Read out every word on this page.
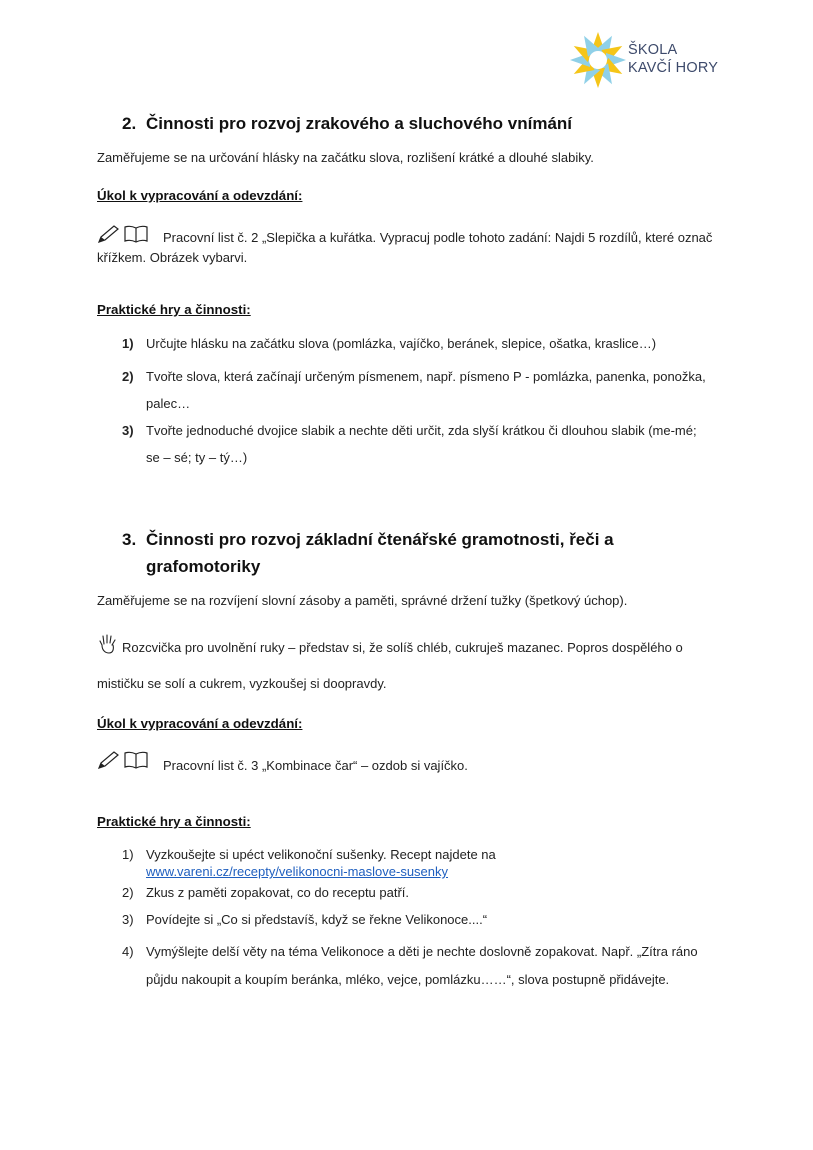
ŠKOLA
KAVČÍ HORY
2. Činnosti pro rozvoj zrakového a sluchového vnímání
Zaměřujeme se na určování hlásky na začátku slova, rozlišení krátké a dlouhé slabiky.
Úkol k vypracování a odevzdání:
Pracovní list č. 2 „Slepička a kuřátka. Vypracuj podle tohoto zadání: Najdi 5 rozdílů, které označ křížkem. Obrázek vybarvi.
Praktické hry a činnosti:
1) Určujte hlásku na začátku slova (pomlázka, vajíčko, beránek, slepice, ošatka, kraslice…)
2) Tvořte slova, která začínají určeným písmenem, např. písmeno P - pomlázka, panenka, ponožka, palec…
3) Tvořte jednoduché dvojice slabik a nechte děti určit, zda slyší krátkou či dlouhou slabik (me-mé; se – sé; ty – tý…)
3. Činnosti pro rozvoj základní čtenářské gramotnosti, řeči a grafomotoriky
Zaměřujeme se na rozvíjení slovní zásoby a paměti, správné držení tužky (špetkový úchop).
Rozcvička pro uvolnění ruky – představ si, že solíš chléb, cukruješ mazanec. Popros dospělého o mističku se solí a cukrem, vyzkoušej si doopravdy.
Úkol k vypracování a odevzdání:
Pracovní list č. 3 „Kombinace čar“ – ozdob si vajíčko.
Praktické hry a činnosti:
1) Vyzkoušejte si upéct velikonoční sušenky. Recept najdete na
www.vareni.cz/recepty/velikonocni-maslove-susenky
2) Zkus z paměti zopakovat, co do receptu patří.
3) Povídejte si „Co si představíš, když se řekne Velikonoce....“
4) Vymýšlejte delší věty na téma Velikonoce a děti je nechte doslovně zopakovat. Např. „Zítra ráno půjdu nakoupit a koupím beránka, mléko, vejce, pomlázku……“, slova postupně přidávejte.
